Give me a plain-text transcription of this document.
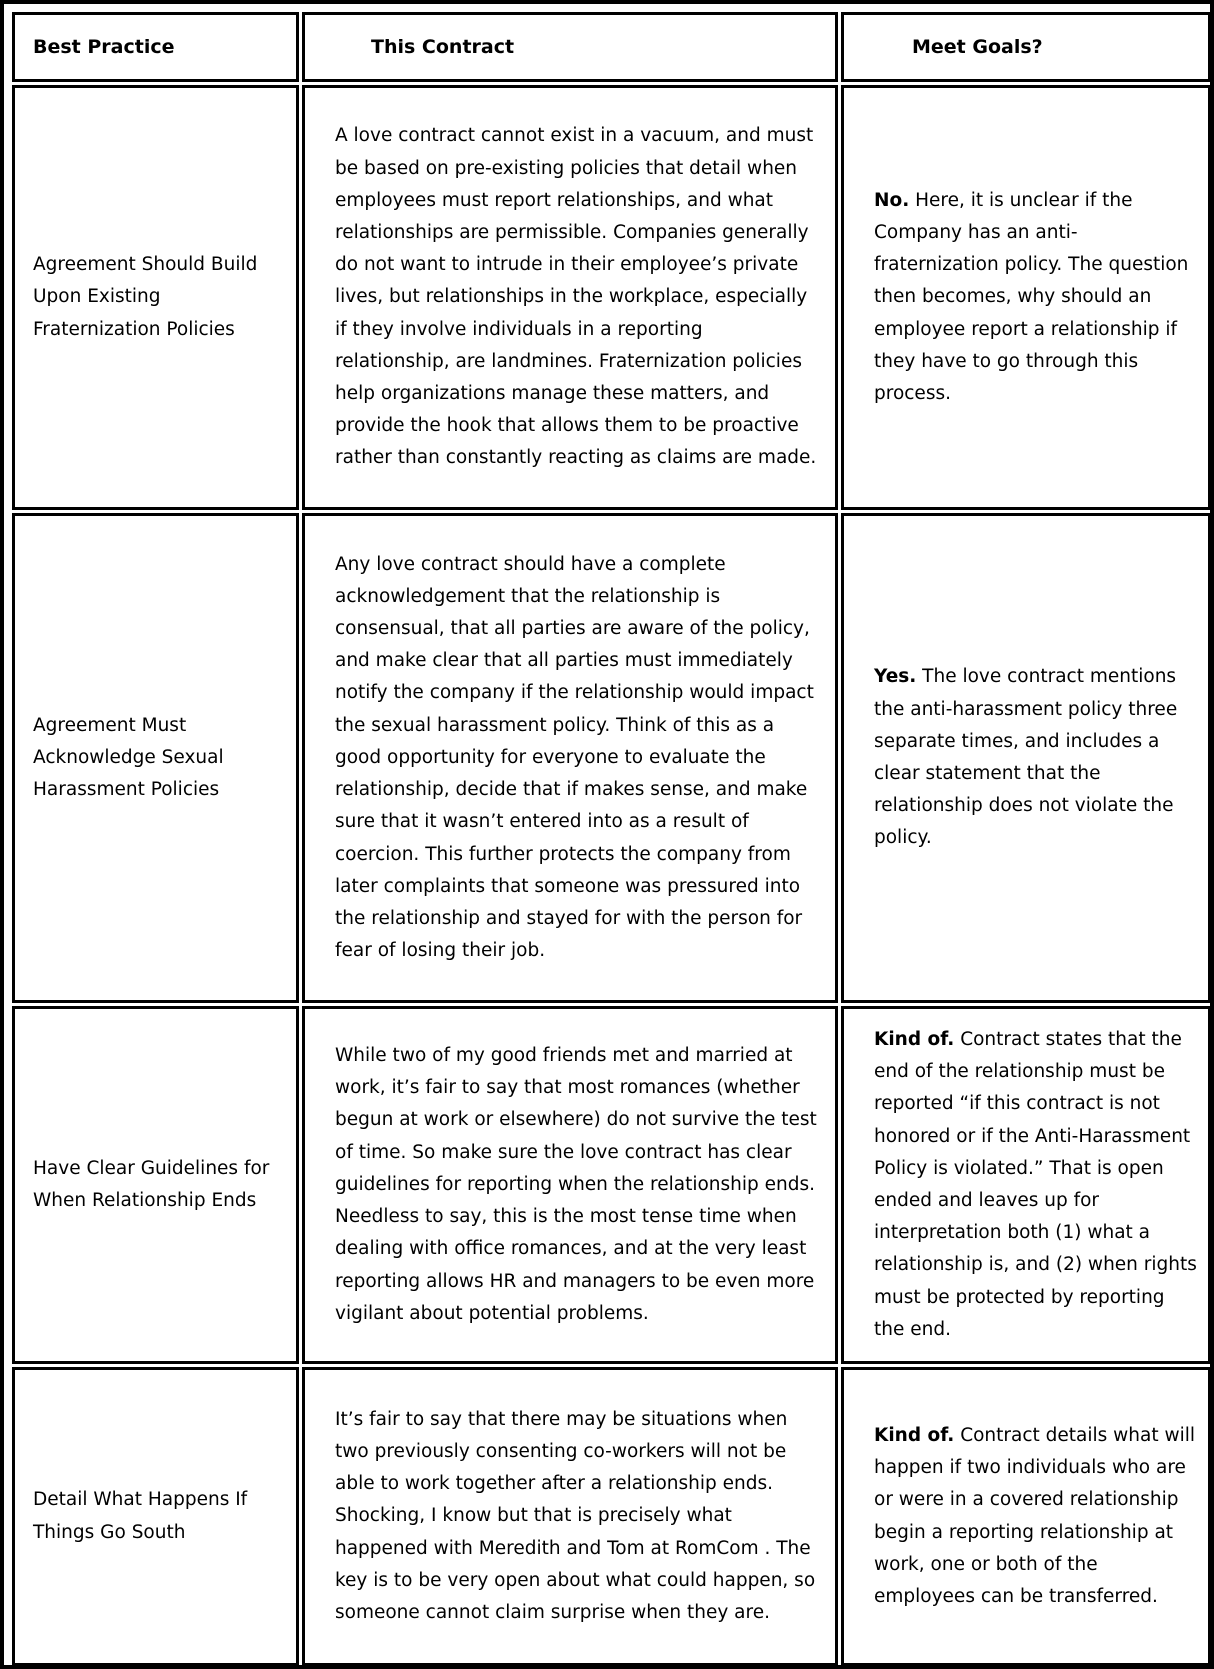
Best Practice	This Contract	Meet Goals?
Agreement Should Build Upon Existing Fraternization Policies
A love contract cannot exist in a vacuum, and must be based on pre-existing policies that detail when employees must report relationships, and what relationships are permissible. Companies generally do not want to intrude in their employee’s private lives, but relationships in the workplace, especially if they involve individuals in a reporting relationship, are landmines. Fraternization policies help organizations manage these matters, and provide the hook that allows them to be proactive rather than constantly reacting as claims are made.
No. Here, it is unclear if the Company has an anti-fraternization policy. The question then becomes, why should an employee report a relationship if they have to go through this process.
Agreement Must Acknowledge Sexual Harassment Policies
Any love contract should have a complete acknowledgement that the relationship is consensual, that all parties are aware of the policy, and make clear that all parties must immediately notify the company if the relationship would impact the sexual harassment policy. Think of this as a good opportunity for everyone to evaluate the relationship, decide that if makes sense, and make sure that it wasn’t entered into as a result of coercion. This further protects the company from later complaints that someone was pressured into the relationship and stayed for with the person for fear of losing their job.
Yes. The love contract mentions the anti-harassment policy three separate times, and includes a clear statement that the relationship does not violate the policy.
Have Clear Guidelines for When Relationship Ends
While two of my good friends met and married at work, it’s fair to say that most romances (whether begun at work or elsewhere) do not survive the test of time. So make sure the love contract has clear guidelines for reporting when the relationship ends. Needless to say, this is the most tense time when dealing with office romances, and at the very least reporting allows HR and managers to be even more vigilant about potential problems.
Kind of. Contract states that the end of the relationship must be reported “if this contract is not honored or if the Anti-Harassment Policy is violated.” That is open ended and leaves up for interpretation both (1) what a relationship is, and (2) when rights must be protected by reporting the end.
Detail What Happens If Things Go South
It’s fair to say that there may be situations when two previously consenting co-workers will not be able to work together after a relationship ends. Shocking, I know but that is precisely what happened with Meredith and Tom at RomCom . The key is to be very open about what could happen, so someone cannot claim surprise when they are.
Kind of. Contract details what will happen if two individuals who are or were in a covered relationship begin a reporting relationship at work, one or both of the employees can be transferred.
